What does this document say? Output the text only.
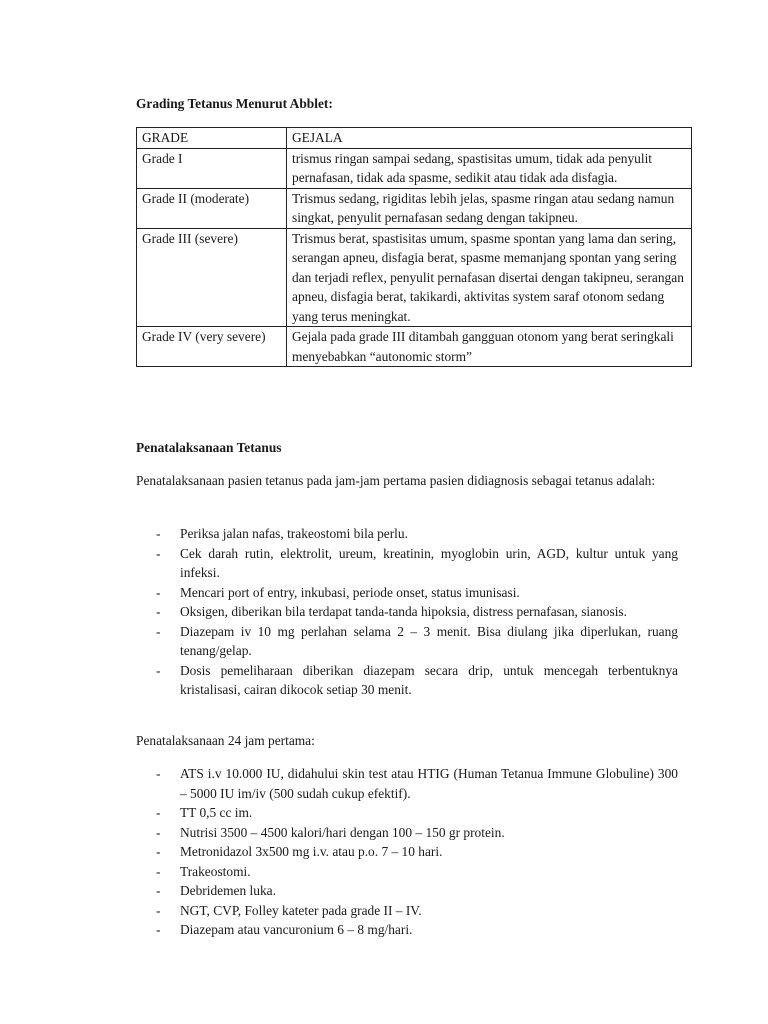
Grading Tetanus Menurut Abblet:

GRADE	GEJALA
Grade I	trismus ringan sampai sedang, spastisitas umum, tidak ada penyulit pernafasan, tidak ada spasme, sedikit atau tidak ada disfagia.
Grade II (moderate)	Trismus sedang, rigiditas lebih jelas, spasme ringan atau sedang namun singkat, penyulit pernafasan sedang dengan takipneu.
Grade III (severe)	Trismus berat, spastisitas umum, spasme spontan yang lama dan sering, serangan apneu, disfagia berat, spasme memanjang spontan yang sering dan terjadi reflex, penyulit pernafasan disertai dengan takipneu, serangan apneu, disfagia berat, takikardi, aktivitas system saraf otonom sedang yang terus meningkat.
Grade IV (very severe)	Gejala pada grade III ditambah gangguan otonom yang berat seringkali menyebabkan “autonomic storm”

Penatalaksanaan Tetanus

Penatalaksanaan pasien tetanus pada jam-jam pertama pasien didiagnosis sebagai tetanus adalah:

- Periksa jalan nafas, trakeostomi bila perlu.
- Cek darah rutin, elektrolit, ureum, kreatinin, myoglobin urin, AGD, kultur untuk yang infeksi.
- Mencari port of entry, inkubasi, periode onset, status imunisasi.
- Oksigen, diberikan bila terdapat tanda-tanda hipoksia, distress pernafasan, sianosis.
- Diazepam iv 10 mg perlahan selama 2 – 3 menit. Bisa diulang jika diperlukan, ruang tenang/gelap.
- Dosis pemeliharaan diberikan diazepam secara drip, untuk mencegah terbentuknya kristalisasi, cairan dikocok setiap 30 menit.

Penatalaksanaan 24 jam pertama:

- ATS i.v 10.000 IU, didahului skin test atau HTIG (Human Tetanua Immune Globuline) 300 – 5000 IU im/iv (500 sudah cukup efektif).
- TT 0,5 cc im.
- Nutrisi 3500 – 4500 kalori/hari dengan 100 – 150 gr protein.
- Metronidazol 3x500 mg i.v. atau p.o. 7 – 10 hari.
- Trakeostomi.
- Debridemen luka.
- NGT, CVP, Folley kateter pada grade II – IV.
- Diazepam atau vancuronium 6 – 8 mg/hari.
